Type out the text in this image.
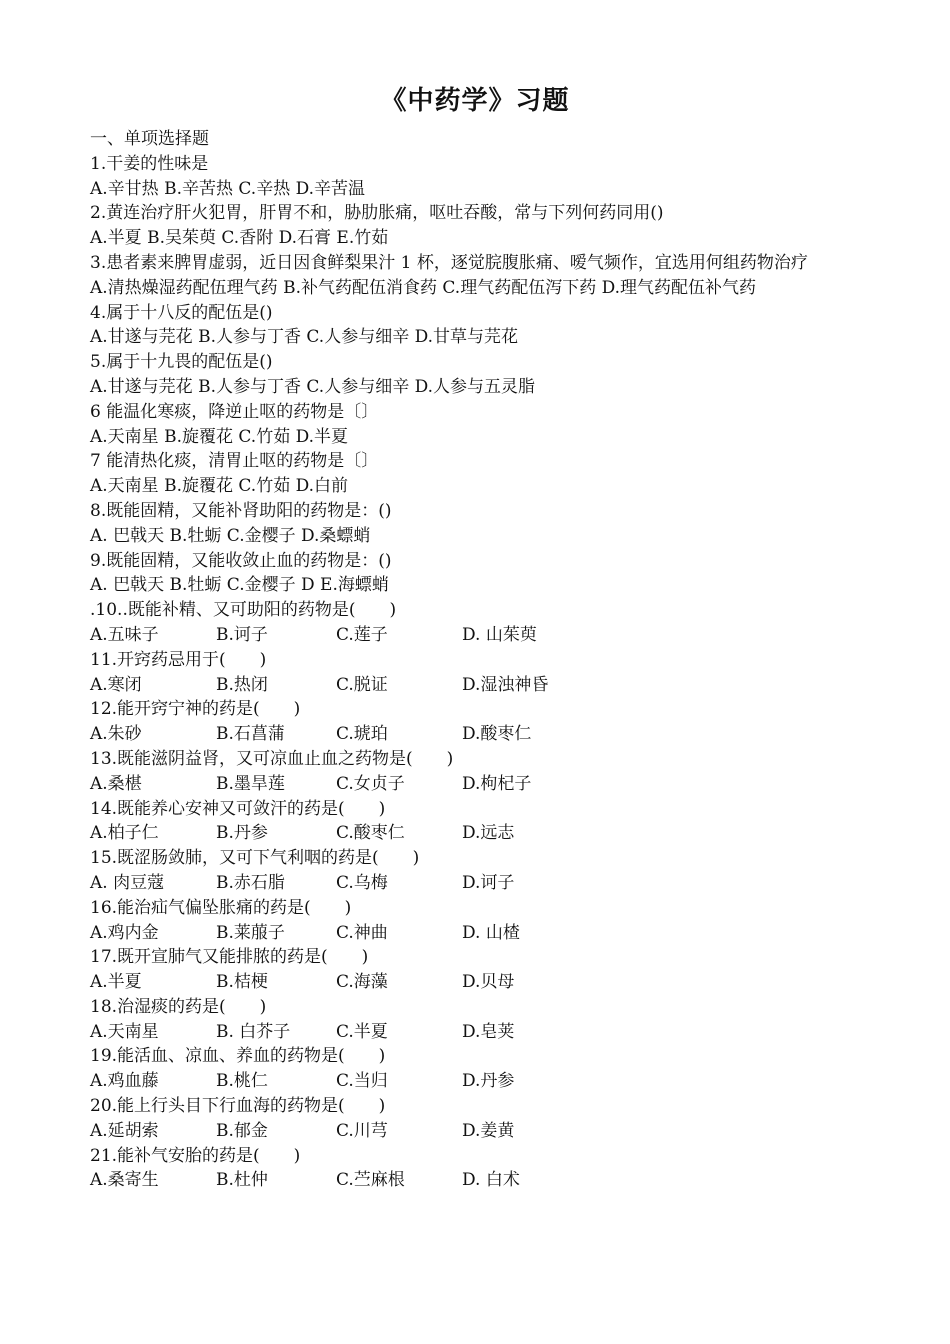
《中药学》习题
一、单项选择题
1.干姜的性味是
A.辛甘热 B.辛苦热 C.辛热 D.辛苦温
2.黄连治疗肝火犯胃，肝胃不和，胁肋胀痛，呕吐吞酸，常与下列何药同用()
A.半夏 B.吴茱萸 C.香附 D.石膏 E.竹茹
3.患者素来脾胃虚弱，近日因食鲜梨果汁 1 杯，逐觉脘腹胀痛、嗳气频作，宜选用何组药物治疗
A.清热燥湿药配伍理气药 B.补气药配伍消食药 C.理气药配伍泻下药 D.理气药配伍补气药
4.属于十八反的配伍是()
A.甘遂与芫花 B.人参与丁香 C.人参与细辛 D.甘草与芫花
5.属于十九畏的配伍是()
A.甘遂与芫花 B.人参与丁香 C.人参与细辛 D.人参与五灵脂
6 能温化寒痰，降逆止呕的药物是〔〕
A.天南星 B.旋覆花 C.竹茹 D.半夏
7 能清热化痰，清胃止呕的药物是〔〕
A.天南星 B.旋覆花 C.竹茹 D.白前
8.既能固精，又能补肾助阳的药物是：()
A. 巴戟天 B.牡蛎 C.金樱子 D.桑螵蛸
9.既能固精，又能收敛止血的药物是：()
A. 巴戟天 B.牡蛎 C.金樱子 D E.海螵蛸
.10..既能补精、又可助阳的药物是(　　)
A.五味子	B.诃子	C.莲子	D. 山茱萸
11.开窍药忌用于(　　)
A.寒闭	B.热闭	C.脱证	D.湿浊神昏
12.能开窍宁神的药是(　　)
A.朱砂	B.石菖蒲	C.琥珀	D.酸枣仁
13.既能滋阴益肾，又可凉血止血之药物是(　　)
A.桑椹	B.墨旱莲	C.女贞子	D.枸杞子
14.既能养心安神又可敛汗的药是(　　)
A.柏子仁	B.丹参	C.酸枣仁	D.远志
15.既涩肠敛肺，又可下气利咽的药是(　　)
A. 肉豆蔻	B.赤石脂	C.乌梅	D.诃子
16.能治疝气偏坠胀痛的药是(　　)
A.鸡内金	B.莱菔子	C.神曲	D. 山楂
17.既开宣肺气又能排脓的药是(　　)
A.半夏	B.桔梗	C.海藻	D.贝母
18.治湿痰的药是(　　)
A.天南星	B. 白芥子	C.半夏	D.皂荚
19.能活血、凉血、养血的药物是(　　)
A.鸡血藤	B.桃仁	C.当归	D.丹参
20.能上行头目下行血海的药物是(　　)
A.延胡索	B.郁金	C.川芎	D.姜黄
21.能补气安胎的药是(　　)
A.桑寄生	B.杜仲	C.苎麻根	D. 白术
